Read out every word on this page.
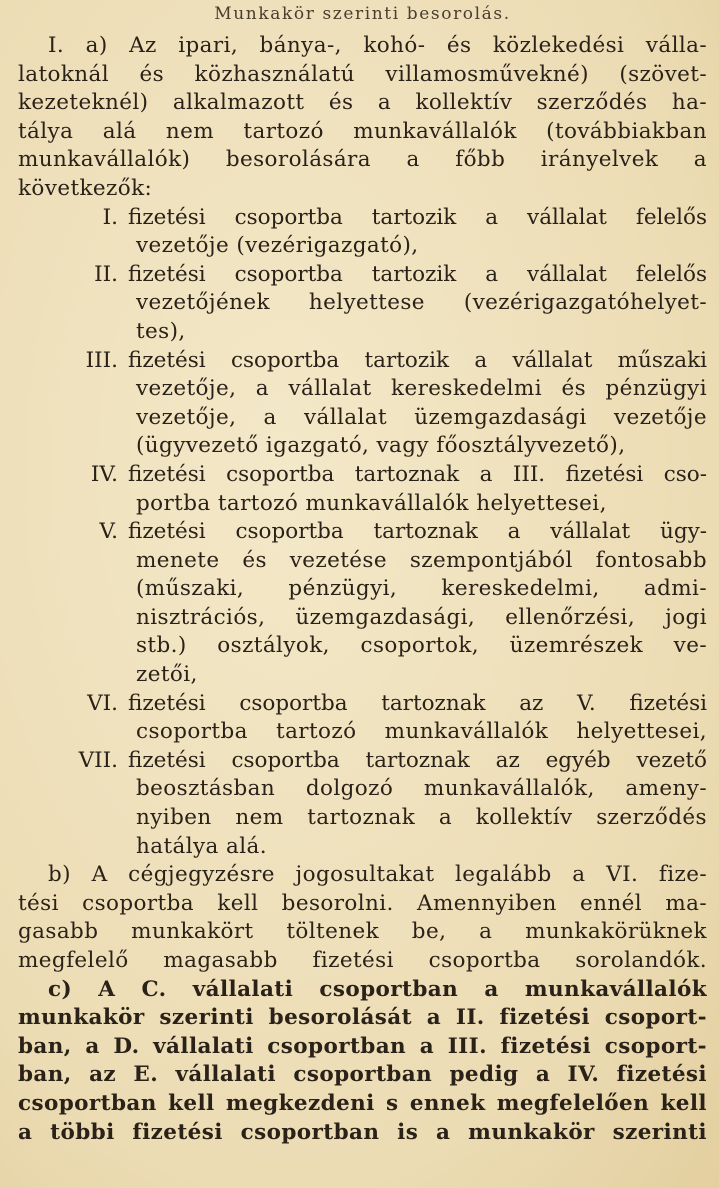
Munkakör szerinti besorolás.
I. a) Az ipari, bánya-, kohó- és közlekedési válla-
latoknál és közhasználatú villamosművekné) (szövet-
kezeteknél) alkalmazott és a kollektív szerződés ha-
tálya alá nem tartozó munkavállalók (továbbiakban
munkavállalók) besorolására a főbb irányelvek a
következők:
I. fizetési csoportba tartozik a vállalat felelős
vezetője (vezérigazgató),
II. fizetési csoportba tartozik a vállalat felelős
vezetőjének helyettese (vezérigazgatóhelyet-
tes),
III. fizetési csoportba tartozik a vállalat műszaki
vezetője, a vállalat kereskedelmi és pénzügyi
vezetője, a vállalat üzemgazdasági vezetője
(ügyvezető igazgató, vagy főosztályvezető),
IV. fizetési csoportba tartoznak a III. fizetési cso-
portba tartozó munkavállalók helyettesei,
V. fizetési csoportba tartoznak a vállalat ügy-
menete és vezetése szempontjából fontosabb
(műszaki, pénzügyi, kereskedelmi, admi-
nisztrációs, üzemgazdasági, ellenőrzési, jogi
stb.) osztályok, csoportok, üzemrészek ve-
zetői,
VI. fizetési csoportba tartoznak az V. fizetési
csoportba tartozó munkavállalók helyettesei,
VII. fizetési csoportba tartoznak az egyéb vezető
beosztásban dolgozó munkavállalók, ameny-
nyiben nem tartoznak a kollektív szerződés
hatálya alá.
b) A cégjegyzésre jogosultakat legalább a VI. fize-
tési csoportba kell besorolni. Amennyiben ennél ma-
gasabb munkakört töltenek be, a munkakörüknek
megfelelő magasabb fizetési csoportba sorolandók.
c) A C. vállalati csoportban a munkavállalók
munkakör szerinti besorolását a II. fizetési csoport-
ban, a D. vállalati csoportban a III. fizetési csoport-
ban, az E. vállalati csoportban pedig a IV. fizetési
csoportban kell megkezdeni s ennek megfelelően kell
a többi fizetési csoportban is a munkakör szerinti
